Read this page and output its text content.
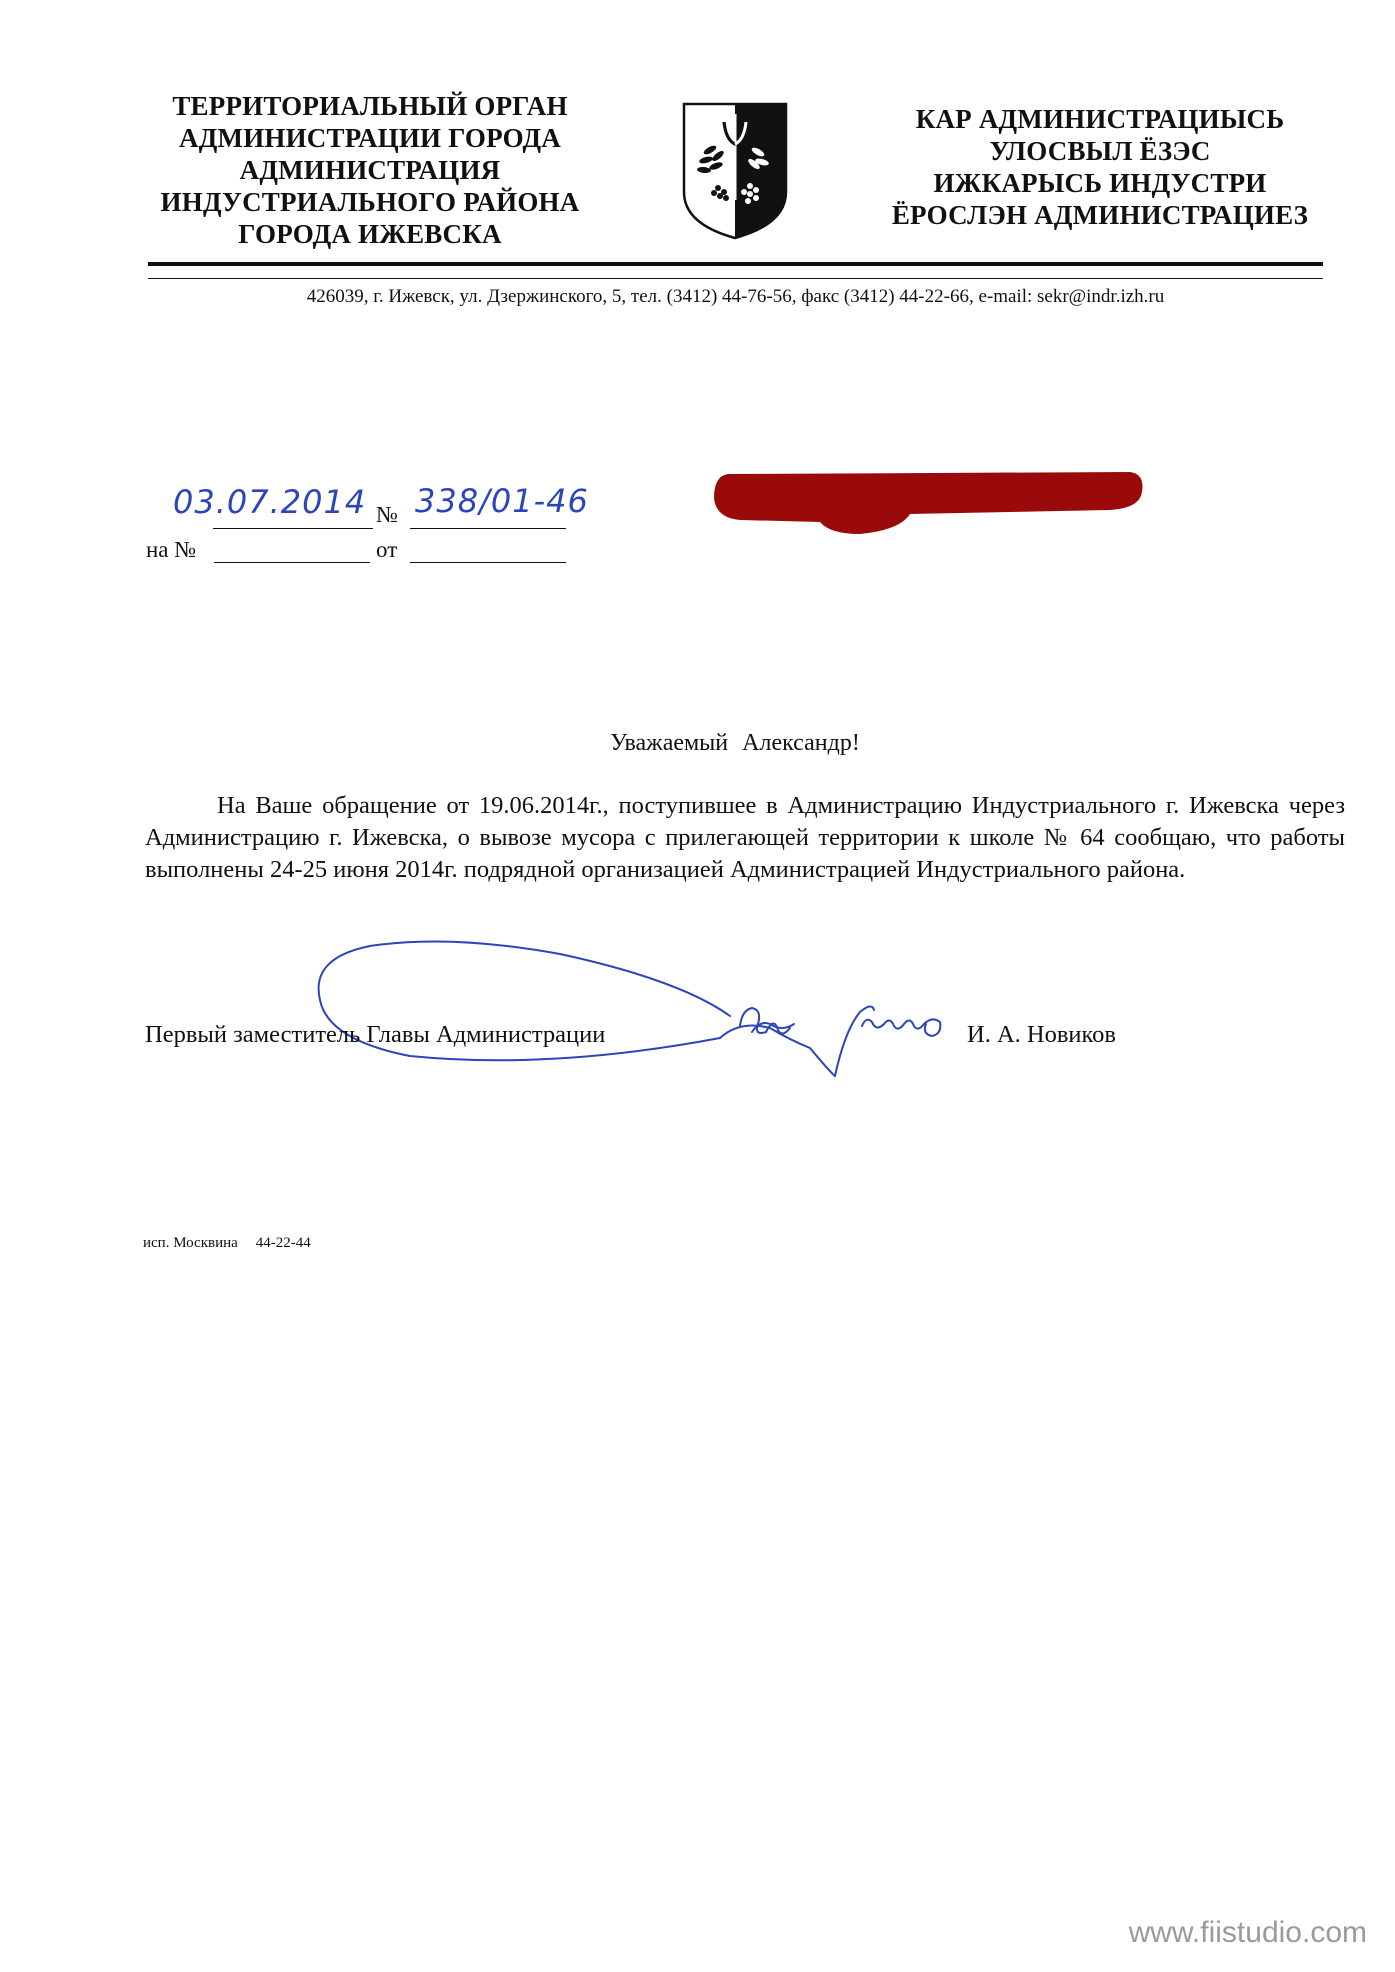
ТЕРРИТОРИАЛЬНЫЙ ОРГАН
АДМИНИСТРАЦИИ ГОРОДА
АДМИНИСТРАЦИЯ
ИНДУСТРИАЛЬНОГО РАЙОНА
ГОРОДА ИЖЕВСКА
КАР АДМИНИСТРАЦИЫСЬ
УЛОСВЫЛ ЁЗЭС
ИЖКАРЫСЬ ИНДУСТРИ
ЁРОСЛЭН АДМИНИСТРАЦИЕЗ
426039, г. Ижевск, ул. Дзержинского, 5, тел. (3412) 44-76-56, факс (3412) 44-22-66, e-mail: sekr@indr.izh.ru
03.07.2014 № 338/01-46
на №	от
Уважаемый Александр!
На Ваше обращение от 19.06.2014г., поступившее в Администрацию Индустриального г. Ижевска через Администрацию г. Ижевска, о вывозе мусора с прилегающей территории к школе № 64 сообщаю, что работы выполнены 24-25 июня 2014г. подрядной организацией Администрацией Индустриального района.
Первый заместитель Главы Администрации	И. А. Новиков
исп. Москвина 44-22-44
www.fiistudio.com
